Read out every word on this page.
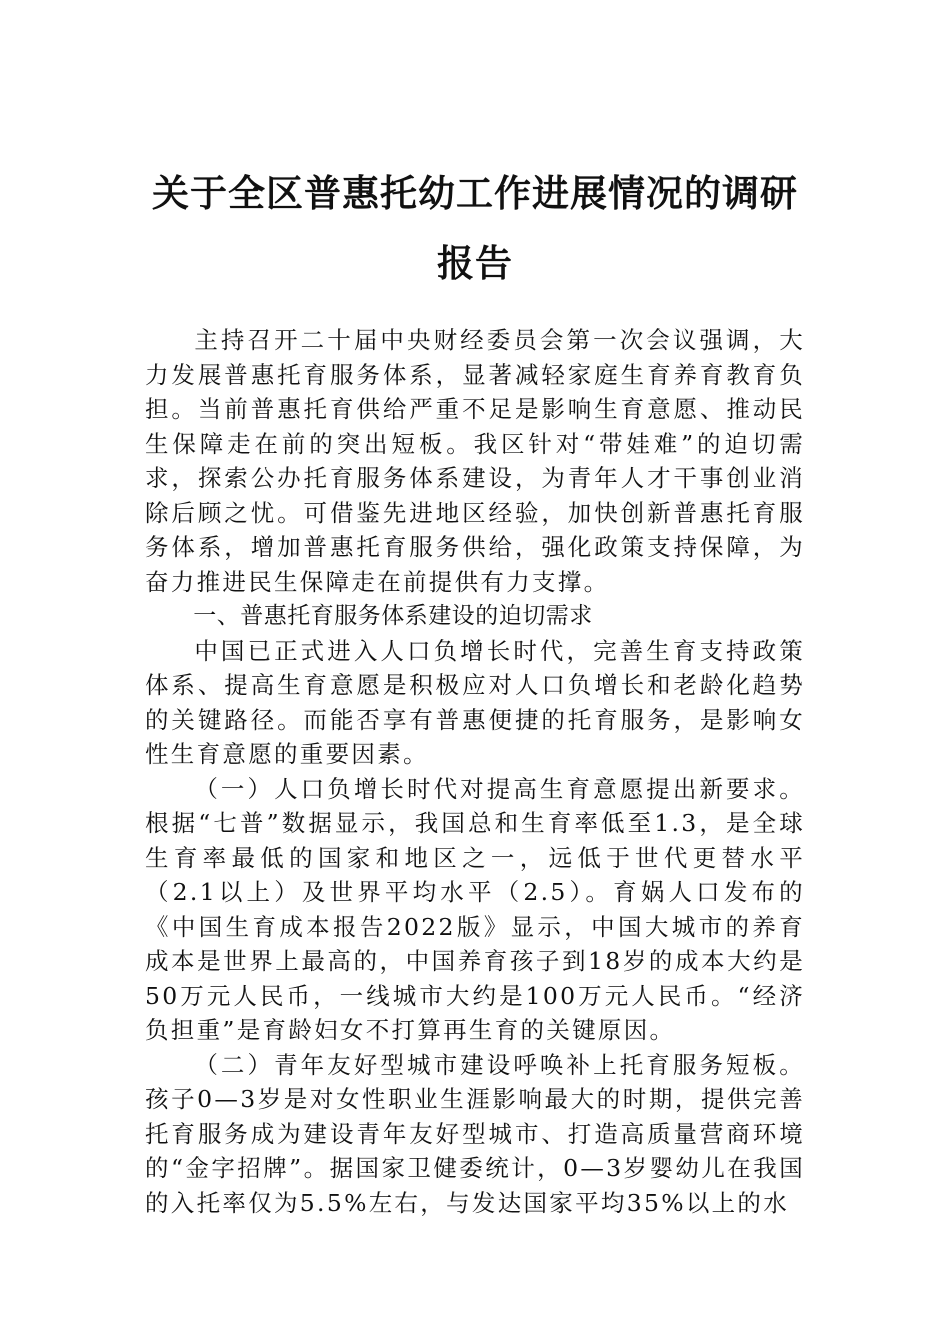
关于全区普惠托幼工作进展情况的调研报告

主持召开二十届中央财经委员会第一次会议强调，大力发展普惠托育服务体系，显著减轻家庭生育养育教育负担。当前普惠托育供给严重不足是影响生育意愿、推动民生保障走在前的突出短板。我区针对“带娃难”的迫切需求，探索公办托育服务体系建设，为青年人才干事创业消除后顾之忧。可借鉴先进地区经验，加快创新普惠托育服务体系，增加普惠托育服务供给，强化政策支持保障，为奋力推进民生保障走在前提供有力支撑。

一、普惠托育服务体系建设的迫切需求

中国已正式进入人口负增长时代，完善生育支持政策体系、提高生育意愿是积极应对人口负增长和老龄化趋势的关键路径。而能否享有普惠便捷的托育服务，是影响女性生育意愿的重要因素。

（一）人口负增长时代对提高生育意愿提出新要求。根据“七普”数据显示，我国总和生育率低至1.3，是全球生育率最低的国家和地区之一，远低于世代更替水平（2.1以上）及世界平均水平（2.5）。育娲人口发布的《中国生育成本报告2022版》显示，中国大城市的养育成本是世界上最高的，中国养育孩子到18岁的成本大约是50万元人民币，一线城市大约是100万元人民币。“经济负担重”是育龄妇女不打算再生育的关键原因。

（二）青年友好型城市建设呼唤补上托育服务短板。孩子0—3岁是对女性职业生涯影响最大的时期，提供完善托育服务成为建设青年友好型城市、打造高质量营商环境的“金字招牌”。据国家卫健委统计，0—3岁婴幼儿在我国的入托率仅为5.5%左右，与发达国家平均35%以上的水
